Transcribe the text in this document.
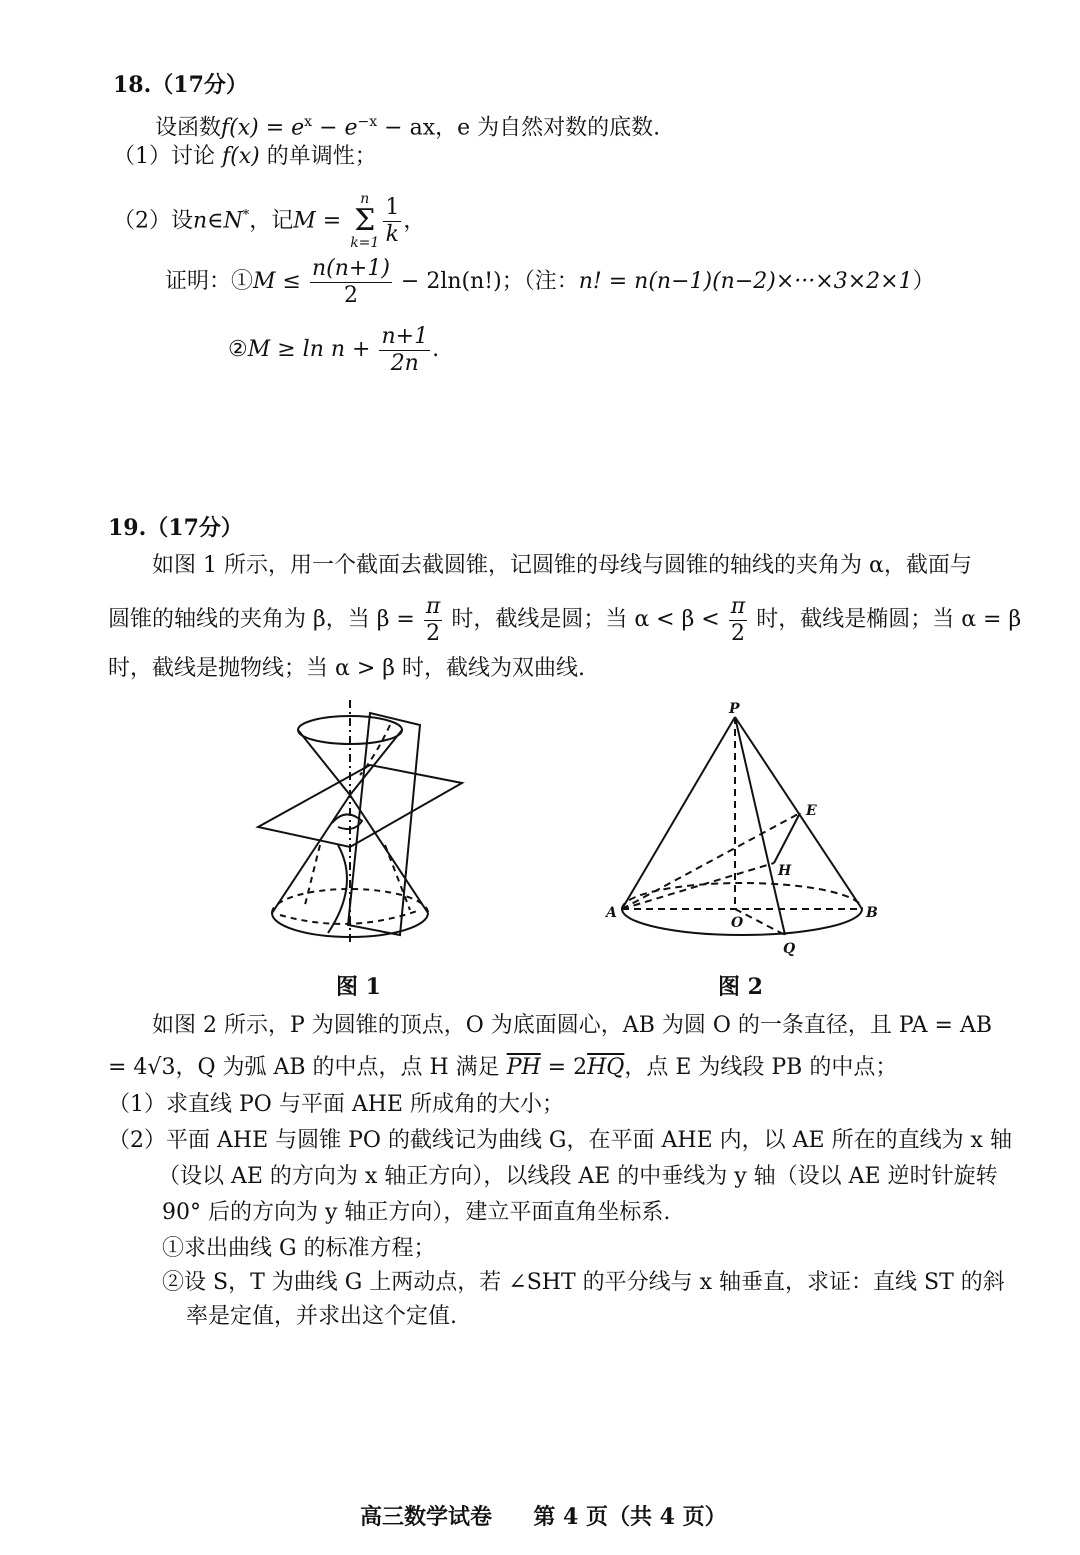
18.（17分）
设函数$f(x) = e^x - e^{-x}$ − ax，e 为自然对数的底数.
（1）讨论 f(x) 的单调性；
（2）设n∈N*，记M =
n
Σ
$k=1 \frac{1}{k}$ ，
证明：①M ≤ $\frac{n(n+1)}{2} - 2\ln(n!)$；（注：n! = n(n−1)(n−2)×···×3×2×1）
②M ≥ $\ln n + \frac{n+1}{2n}$ .
19.（17分）
如图 1 所示，用一个截面去截圆锥，记圆锥的母线与圆锥的轴线的夹角为 α，截面与
圆锥的轴线的夹角为 β，当 $\beta = \frac{\pi}{2}$ 时，截线是圆；当 $\alpha < \beta < \frac{\pi}{2}$ 时，截线是椭圆；当 α = β
时，截线是抛物线；当 α > β 时，截线为双曲线.
图 1
P
E
H
A
O
B
Q
图 2
如图 2 所示，P 为圆锥的顶点，O 为底面圆心，AB 为圆 O 的一条直径，且 PA = AB
= 4√3，Q 为弧 AB 的中点，点 H 满足 $\overline{PH} = 2\overline{HQ}$，点 E 为线段 PB 的中点；
（1）求直线 PO 与平面 AHE 所成角的大小；
（2）平面 AHE 与圆锥 PO 的截线记为曲线 G，在平面 AHE 内，以 AE 所在的直线为 x 轴
（设以 AE 的方向为 x 轴正方向），以线段 AE 的中垂线为 y 轴（设以 AE 逆时针旋转
90° 后的方向为 y 轴正方向），建立平面直角坐标系.
①求出曲线 G 的标准方程；
②设 S，T 为曲线 G 上两动点，若 ∠SHT 的平分线与 x 轴垂直，求证：直线 ST 的斜
率是定值，并求出这个定值.
高三数学试卷 第 4 页（共 4 页）
